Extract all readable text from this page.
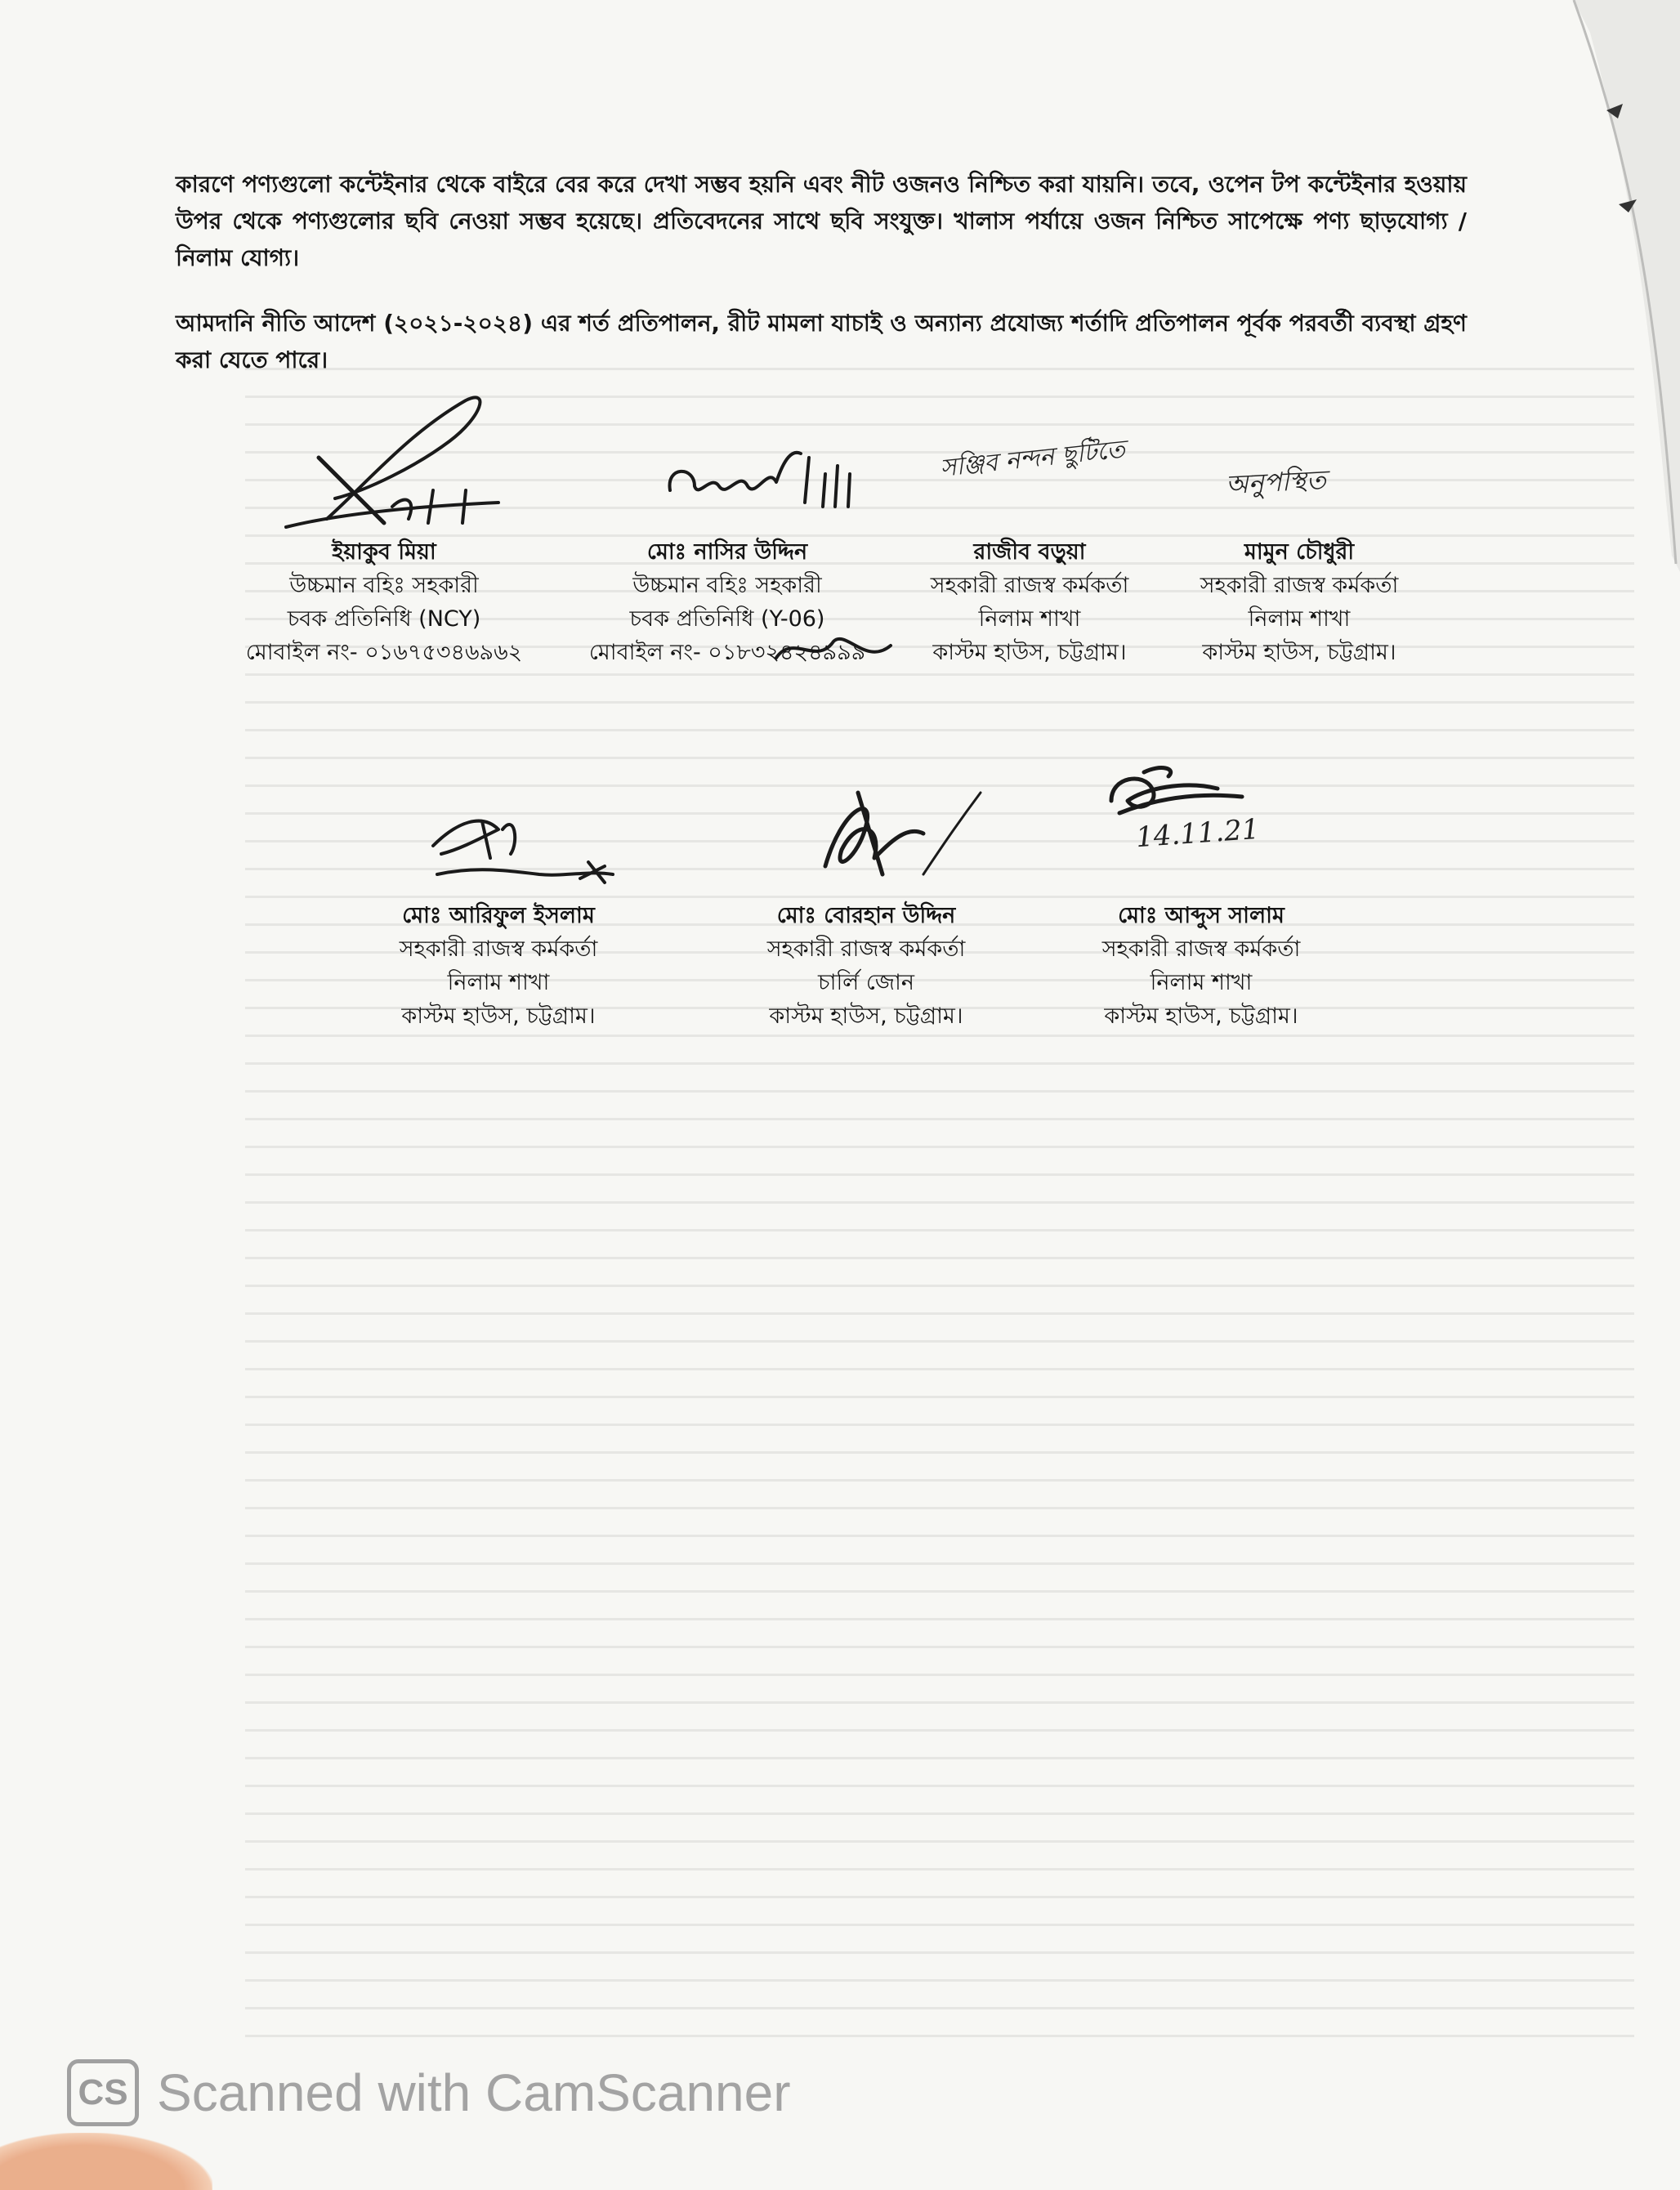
কারণে পণ্যগুলো কন্টেইনার থেকে বাইরে বের করে দেখা সম্ভব হয়নি এবং নীট ওজনও নিশ্চিত করা যায়নি। তবে, ওপেন টপ কন্টেইনার হওয়ায় উপর থেকে পণ্যগুলোর ছবি নেওয়া সম্ভব হয়েছে। প্রতিবেদনের সাথে ছবি সংযুক্ত। খালাস পর্যায়ে ওজন নিশ্চিত সাপেক্ষে পণ্য ছাড়যোগ্য /নিলাম যোগ্য।

আমদানি নীতি আদেশ (২০২১-২০২৪) এর শর্ত প্রতিপালন, রীট মামলা যাচাই ও অন্যান্য প্রযোজ্য শর্তাদি প্রতিপালন পূর্বক পরবর্তী ব্যবস্থা গ্রহণ করা যেতে পারে।

সঞ্জিব নন্দন ছুটিতে	অনুপস্থিত
ইয়াকুব মিয়া
উচ্চমান বহিঃ সহকারী
চবক প্রতিনিধি (NCY)
মোবাইল নং- ০১৬৭৫৩৪৬৯৬২
মোঃ নাসির উদ্দিন
উচ্চমান বহিঃ সহকারী
চবক প্রতিনিধি (Y-06)
মোবাইল নং- ০১৮৩২৪২৪৯৯৯
রাজীব বড়ুয়া
সহকারী রাজস্ব কর্মকর্তা
নিলাম শাখা
কাস্টম হাউস, চট্টগ্রাম।
মামুন চৌধুরী
সহকারী রাজস্ব কর্মকর্তা
নিলাম শাখা
কাস্টম হাউস, চট্টগ্রাম।
14.11.21
মোঃ আরিফুল ইসলাম
সহকারী রাজস্ব কর্মকর্তা
নিলাম শাখা
কাস্টম হাউস, চট্টগ্রাম।
মোঃ বোরহান উদ্দিন
সহকারী রাজস্ব কর্মকর্তা
চার্লি জোন
কাস্টম হাউস, চট্টগ্রাম।
মোঃ আব্দুস সালাম
সহকারী রাজস্ব কর্মকর্তা
নিলাম শাখা
কাস্টম হাউস, চট্টগ্রাম।
CS Scanned with CamScanner
